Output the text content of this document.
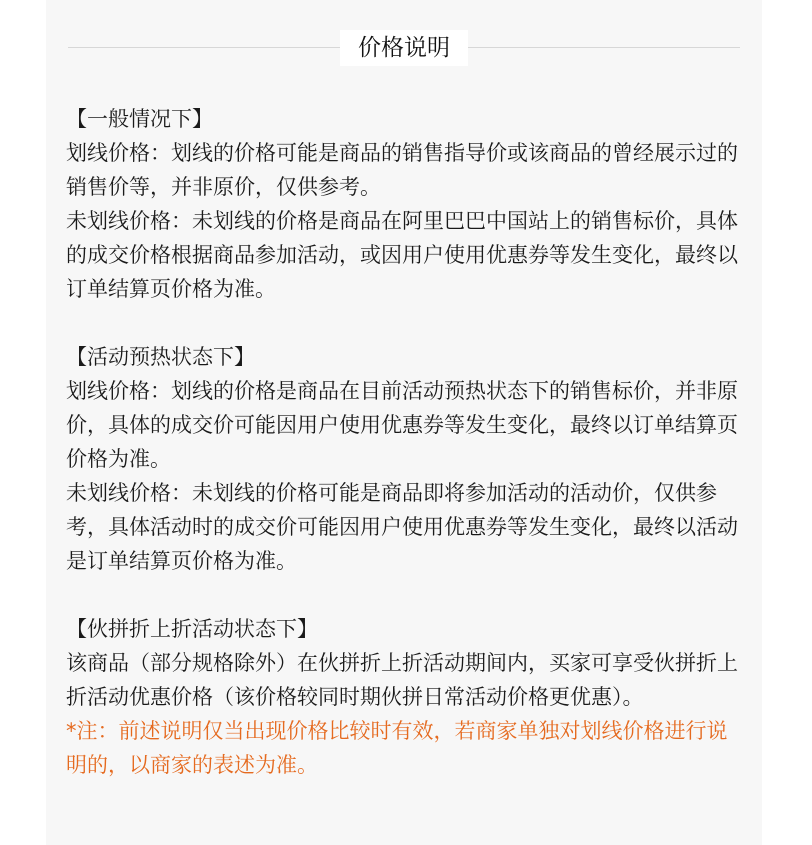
价格说明

【一般情况下】

划线价格：划线的价格可能是商品的销售指导价或该商品的曾经展示过的销售价等，并非原价，仅供参考。

未划线价格：未划线的价格是商品在阿里巴巴中国站上的销售标价，具体的成交价格根据商品参加活动，或因用户使用优惠券等发生变化，最终以订单结算页价格为准。

【活动预热状态下】

划线价格：划线的价格是商品在目前活动预热状态下的销售标价，并非原价，具体的成交价可能因用户使用优惠券等发生变化，最终以订单结算页价格为准。

未划线价格：未划线的价格可能是商品即将参加活动的活动价，仅供参考，具体活动时的成交价可能因用户使用优惠券等发生变化，最终以活动是订单结算页价格为准。

【伙拼折上折活动状态下】

该商品（部分规格除外）在伙拼折上折活动期间内，买家可享受伙拼折上折活动优惠价格（该价格较同时期伙拼日常活动价格更优惠）。

*注：前述说明仅当出现价格比较时有效，若商家单独对划线价格进行说明的，以商家的表述为准。
